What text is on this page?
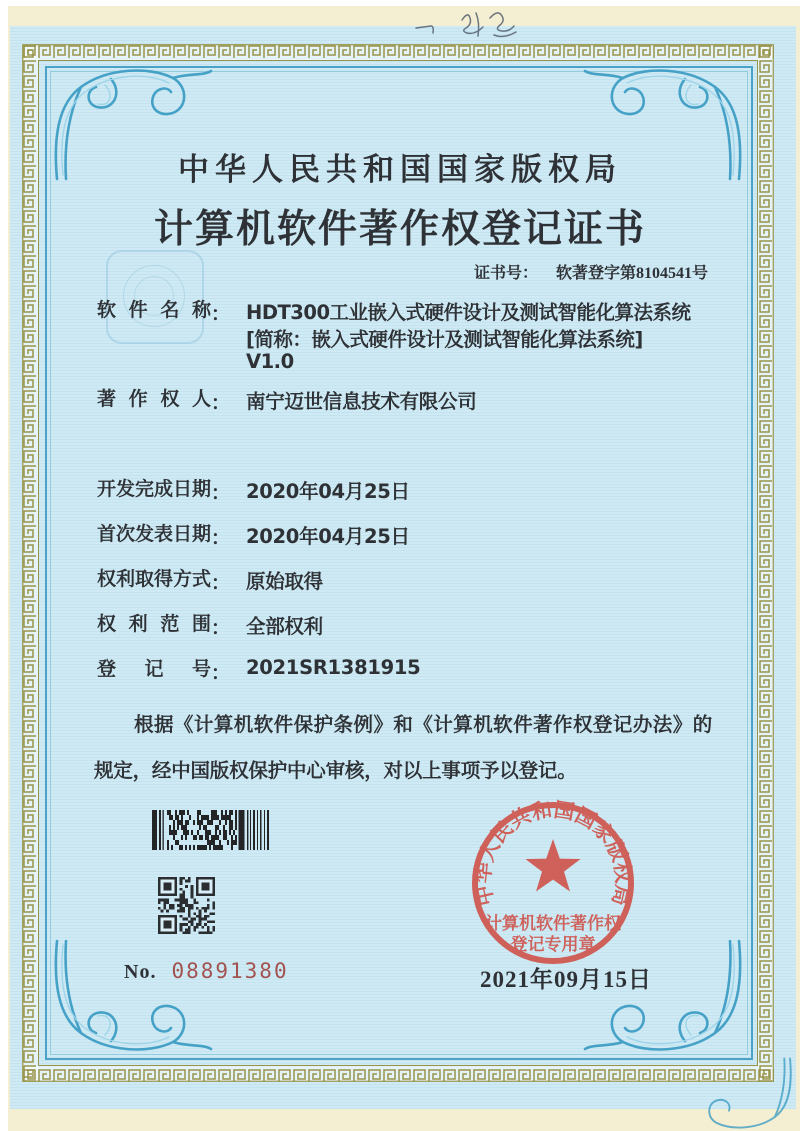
中华人民共和国国家版权局
计算机软件著作权登记证书
证书号： 软著登字第8104541号
软件名称 ： HDT300工业嵌入式硬件设计及测试智能化算法系统
[简称：嵌入式硬件设计及测试智能化算法系统]
V1.0
著作权人 ： 南宁迈世信息技术有限公司
开发完成日期 ： 2020年04月25日
首次发表日期 ： 2020年04月25日
权利取得方式 ： 原始取得
权利范围 ： 全部权利
登记号 ： 2021SR1381915
根据《计算机软件保护条例》和《计算机软件著作权登记办法》的规定，经中国版权保护中心审核，对以上事项予以登记。
No. 08891380
中华人民共和国国家版权局
计算机软件著作权
登记专用章
2021年09月15日
